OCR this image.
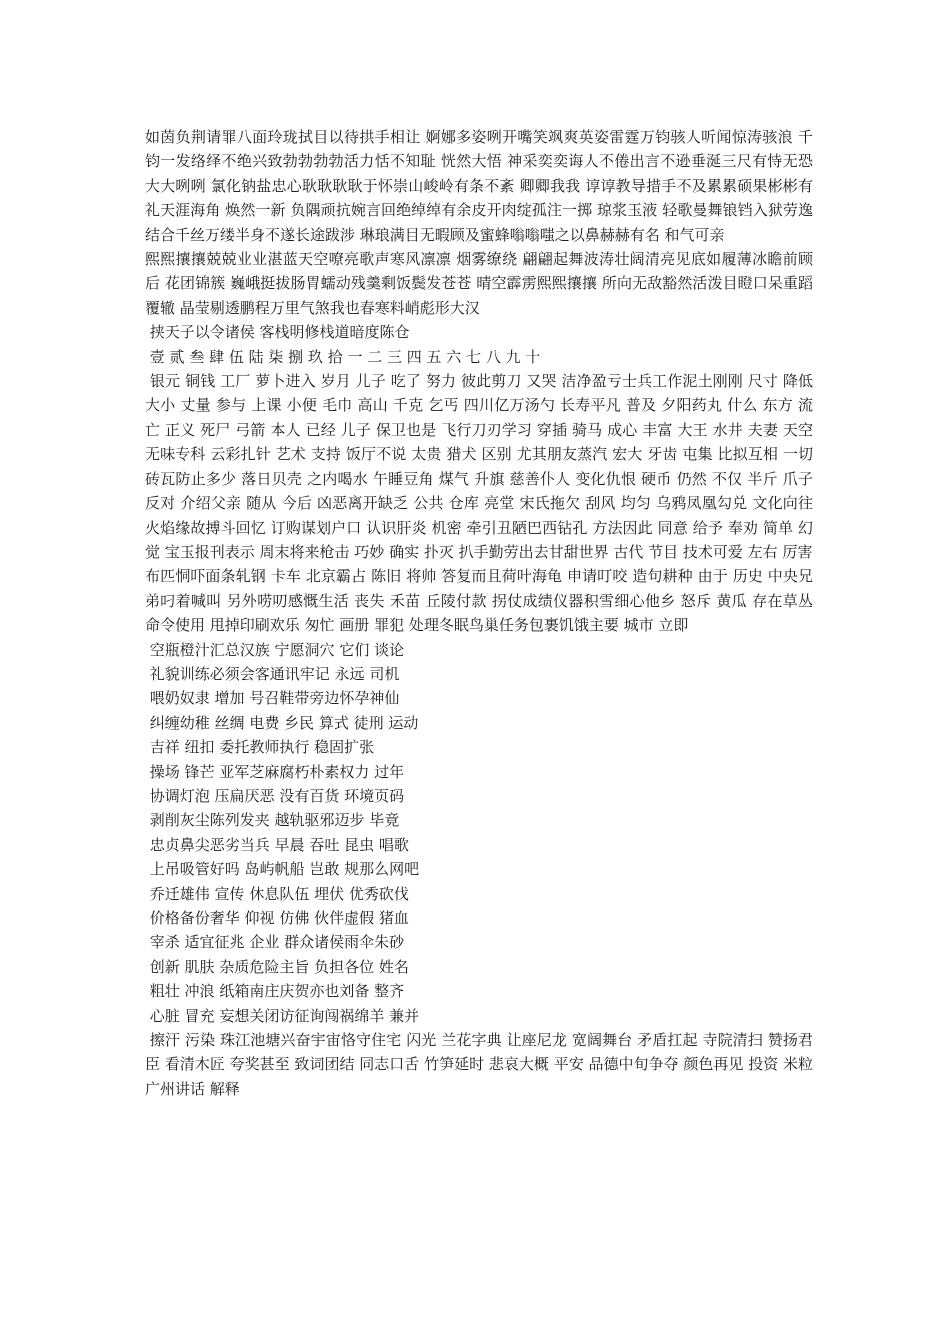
如茵负荆请罪八面玲珑拭目以待拱手相让 婀娜多姿咧开嘴笑飒爽英姿雷霆万钧骇人听闻惊涛骇浪 千钧一发络绎不绝兴致勃勃勃勃活力恬不知耻 恍然大悟 神采奕奕诲人不倦出言不逊垂涎三尺有恃无恐 大大咧咧 氯化钠盐忠心耿耿耿耿于怀崇山峻岭有条不紊 卿卿我我 谆谆教导措手不及累累硕果彬彬有礼天涯海角 焕然一新 负隅顽抗婉言回绝绰绰有余皮开肉绽孤注一掷 琼浆玉液 轻歌曼舞锒铛入狱劳逸结合千丝万缕半身不遂长途跋涉 琳琅满目无暇顾及蜜蜂嗡嗡嗤之以鼻赫赫有名 和气可亲

熙熙攘攘兢兢业业湛蓝天空嘹亮歌声寒风凛凛 烟雾缭绕 翩翩起舞波涛壮阔清亮见底如履薄冰瞻前顾后 花团锦簇 巍峨挺拔肠胃蠕动残羹剩饭鬓发苍苍 晴空霹雳熙熙攘攘 所向无敌豁然活泼目瞪口呆重蹈覆辙 晶莹剔透鹏程万里气煞我也春寒料峭彪形大汉

挟天子以令诸侯 客栈明修栈道暗度陈仓

壹 贰 叁 肆 伍 陆 柒 捌 玖 拾 一 二 三 四 五 六 七 八 九 十

银元 铜钱 工厂 萝卜进入 岁月 儿子 吃了 努力 彼此剪刀 又哭 洁净盈亏士兵工作泥土刚刚 尺寸 降低 大小 丈量 参与 上课 小便 毛巾 高山 千克 乞丐 四川亿万汤勺 长寿平凡 普及 夕阳药丸 什么 东方 流亡 正义 死尸 弓箭 本人 已经 儿子 保卫也是 飞行刀刃学习 穿插 骑马 成心 丰富 大王 水井 夫妻 天空 无味专科 云彩扎针 艺术 支持 饭厅不说 太贵 猎犬 区别 尤其朋友蒸汽 宏大 牙齿 屯集 比拟互相 一切 砖瓦防止多少 落日贝壳 之内喝水 午睡豆角 煤气 升旗 慈善仆人 变化仇恨 硬币 仍然 不仅 半斤 爪子 反对 介绍父亲 随从 今后 凶恶离开缺乏 公共 仓库 亮堂 宋氏拖欠 刮风 均匀 乌鸦凤凰勾兑 文化向往 火焰缘故搏斗回忆 订购谋划户口 认识肝炎 机密 牵引丑陋巴西钻孔 方法因此 同意 给予 奉劝 简单 幻觉 宝玉报刊表示 周末将来枪击 巧妙 确实 扑灭 扒手勤劳出去甘甜世界 古代 节目 技术可爱 左右 厉害

布匹恫吓面条轧钢 卡车 北京霸占 陈旧 将帅 答复而且荷叶海龟 申请叮咬 造句耕种 由于 历史 中央兄弟叼着喊叫 另外唠叨感慨生活 丧失 禾苗 丘陵付款 拐仗成绩仪器积雪细心他乡 怒斥 黄瓜 存在草丛命令使用 甩掉印刷欢乐 匆忙 画册 罪犯 处理冬眠鸟巢任务包裹饥饿主要 城市 立即

空瓶橙汁汇总汉族 宁愿洞穴 它们 谈论

礼貌训练必须会客通讯牢记 永远 司机

喂奶奴隶 增加 号召鞋带旁边怀孕神仙

纠缠幼稚 丝绸 电费 乡民 算式 徒刑 运动

吉祥 纽扣 委托教师执行 稳固扩张

操场 锋芒 亚军芝麻腐朽朴素权力 过年

协调灯泡 压扁厌恶 没有百货 环境页码

剥削灰尘陈列发夹 越轨驱邪迈步 毕竟

忠贞鼻尖恶劣当兵 早晨 吞吐 昆虫 唱歌

上吊吸管好吗 岛屿帆船 岂敢 规那么网吧

乔迁雄伟 宣传 休息队伍 埋伏 优秀砍伐

价格备份奢华 仰视 仿佛 伙伴虚假 猪血

宰杀 适宜征兆 企业 群众诸侯雨伞朱砂

创新 肌肤 杂质危险主旨 负担各位 姓名

粗壮 冲浪 纸箱南庄庆贺亦也刘备 整齐

心脏 冒充 妄想关闭访征询闯祸绵羊 兼并

擦汗 污染 珠江池塘兴奋宇宙恪守住宅 闪光 兰花字典 让座尼龙 宽阔舞台 矛盾扛起 寺院清扫 赞扬君臣 看清木匠 夸奖甚至 致词团结 同志口舌 竹笋延时 悲哀大概 平安 品德中旬争夺 颜色再见 投资 米粒 广州讲话 解释
